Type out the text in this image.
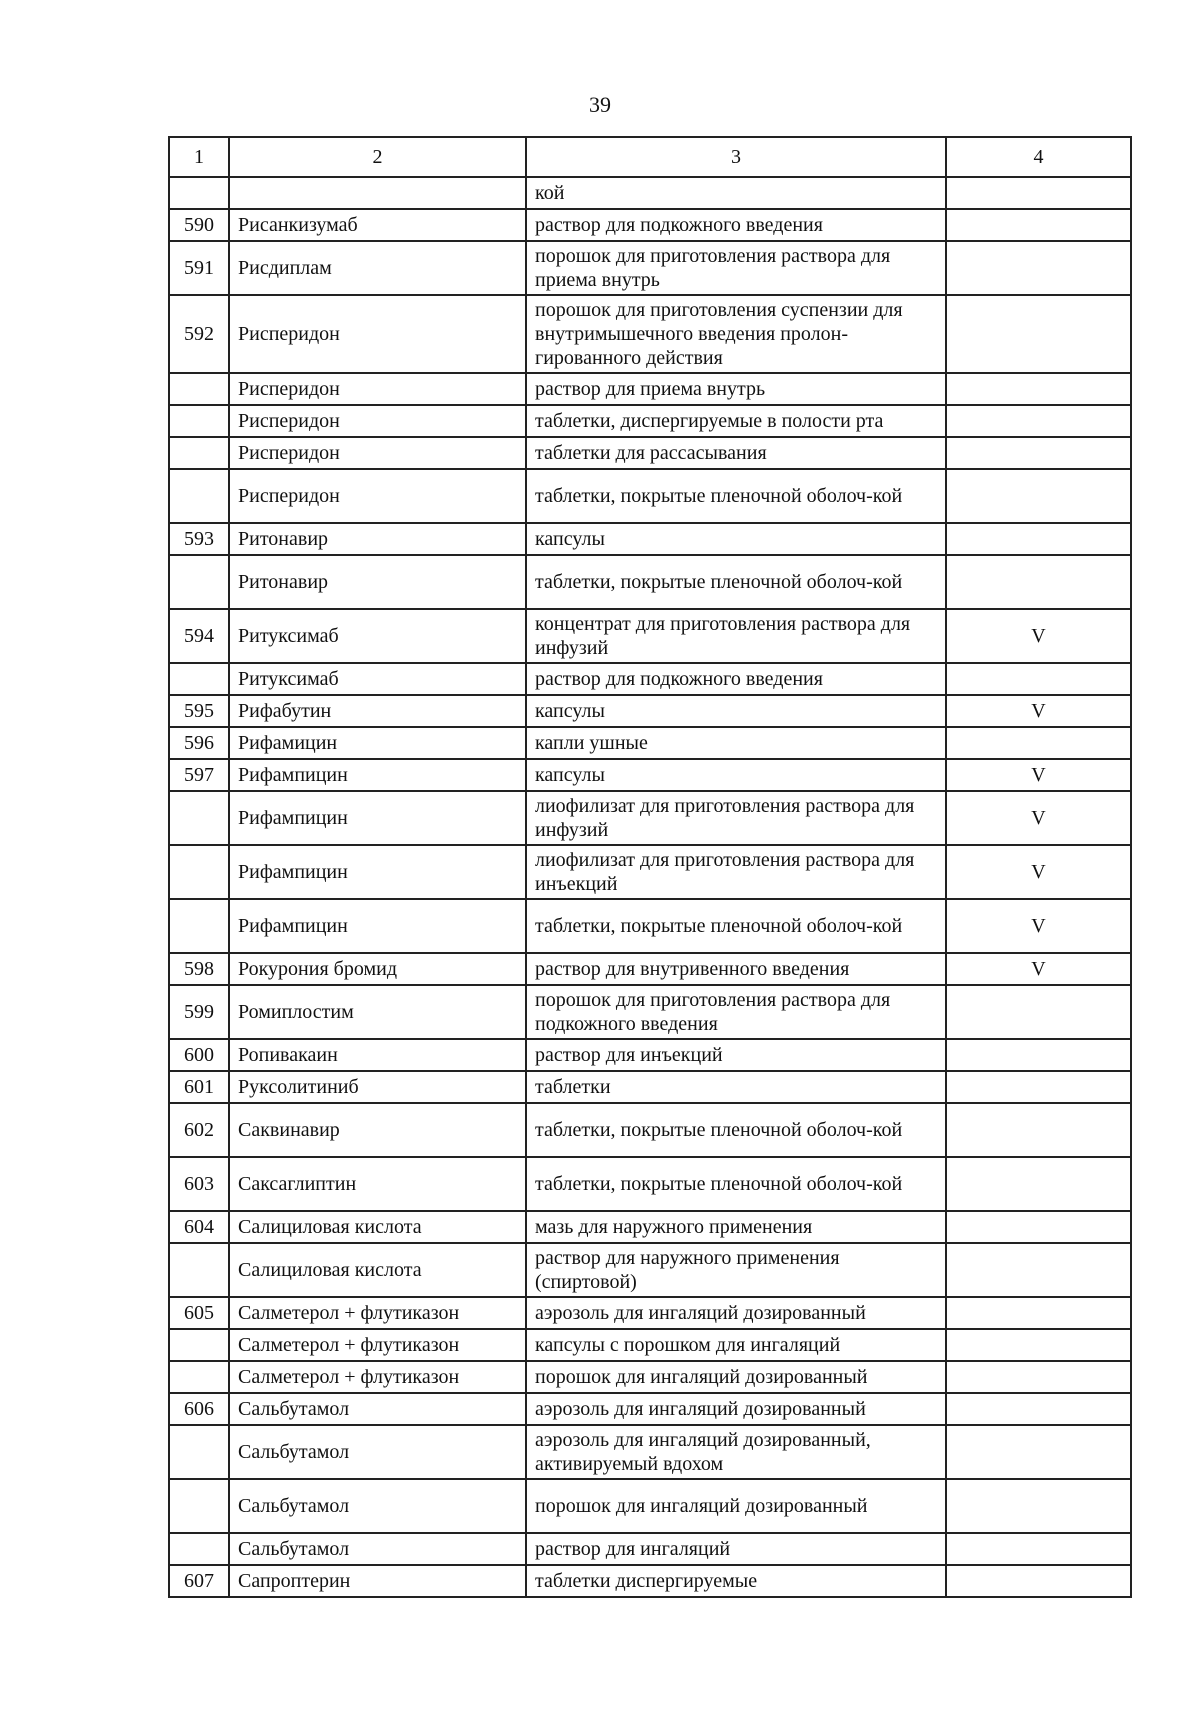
39
1	2	3	4
		кой	
590	Рисанкизумаб	раствор для подкожного введения	
591	Рисдиплам	порошок для приготовления раствора для приема внутрь	
592	Рисперидон	порошок для приготовления суспензии для внутримышечного введения пролон-гированного действия	
	Рисперидон	раствор для приема внутрь	
	Рисперидон	таблетки, диспергируемые в полости рта	
	Рисперидон	таблетки для рассасывания	
	Рисперидон	таблетки, покрытые пленочной оболоч-кой	
593	Ритонавир	капсулы	
	Ритонавир	таблетки, покрытые пленочной оболоч-кой	
594	Ритуксимаб	концентрат для приготовления раствора для инфузий	V
	Ритуксимаб	раствор для подкожного введения	
595	Рифабутин	капсулы	V
596	Рифамицин	капли ушные	
597	Рифампицин	капсулы	V
	Рифампицин	лиофилизат для приготовления раствора для инфузий	V
	Рифампицин	лиофилизат для приготовления раствора для инъекций	V
	Рифампицин	таблетки, покрытые пленочной оболоч-кой	V
598	Рокурония бромид	раствор для внутривенного введения	V
599	Ромиплостим	порошок для приготовления раствора для подкожного введения	
600	Ропивакаин	раствор для инъекций	
601	Руксолитиниб	таблетки	
602	Саквинавир	таблетки, покрытые пленочной оболоч-кой	
603	Саксаглиптин	таблетки, покрытые пленочной оболоч-кой	
604	Салициловая кислота	мазь для наружного применения	
	Салициловая кислота	раствор для наружного применения (спиртовой)	
605	Салметерол + флутиказон	аэрозоль для ингаляций дозированный	
	Салметерол + флутиказон	капсулы с порошком для ингаляций	
	Салметерол + флутиказон	порошок для ингаляций дозированный	
606	Сальбутамол	аэрозоль для ингаляций дозированный	
	Сальбутамол	аэрозоль для ингаляций дозированный, активируемый вдохом	
	Сальбутамол	порошок для ингаляций дозированный	
	Сальбутамол	раствор для ингаляций	
607	Сапроптерин	таблетки диспергируемые	
